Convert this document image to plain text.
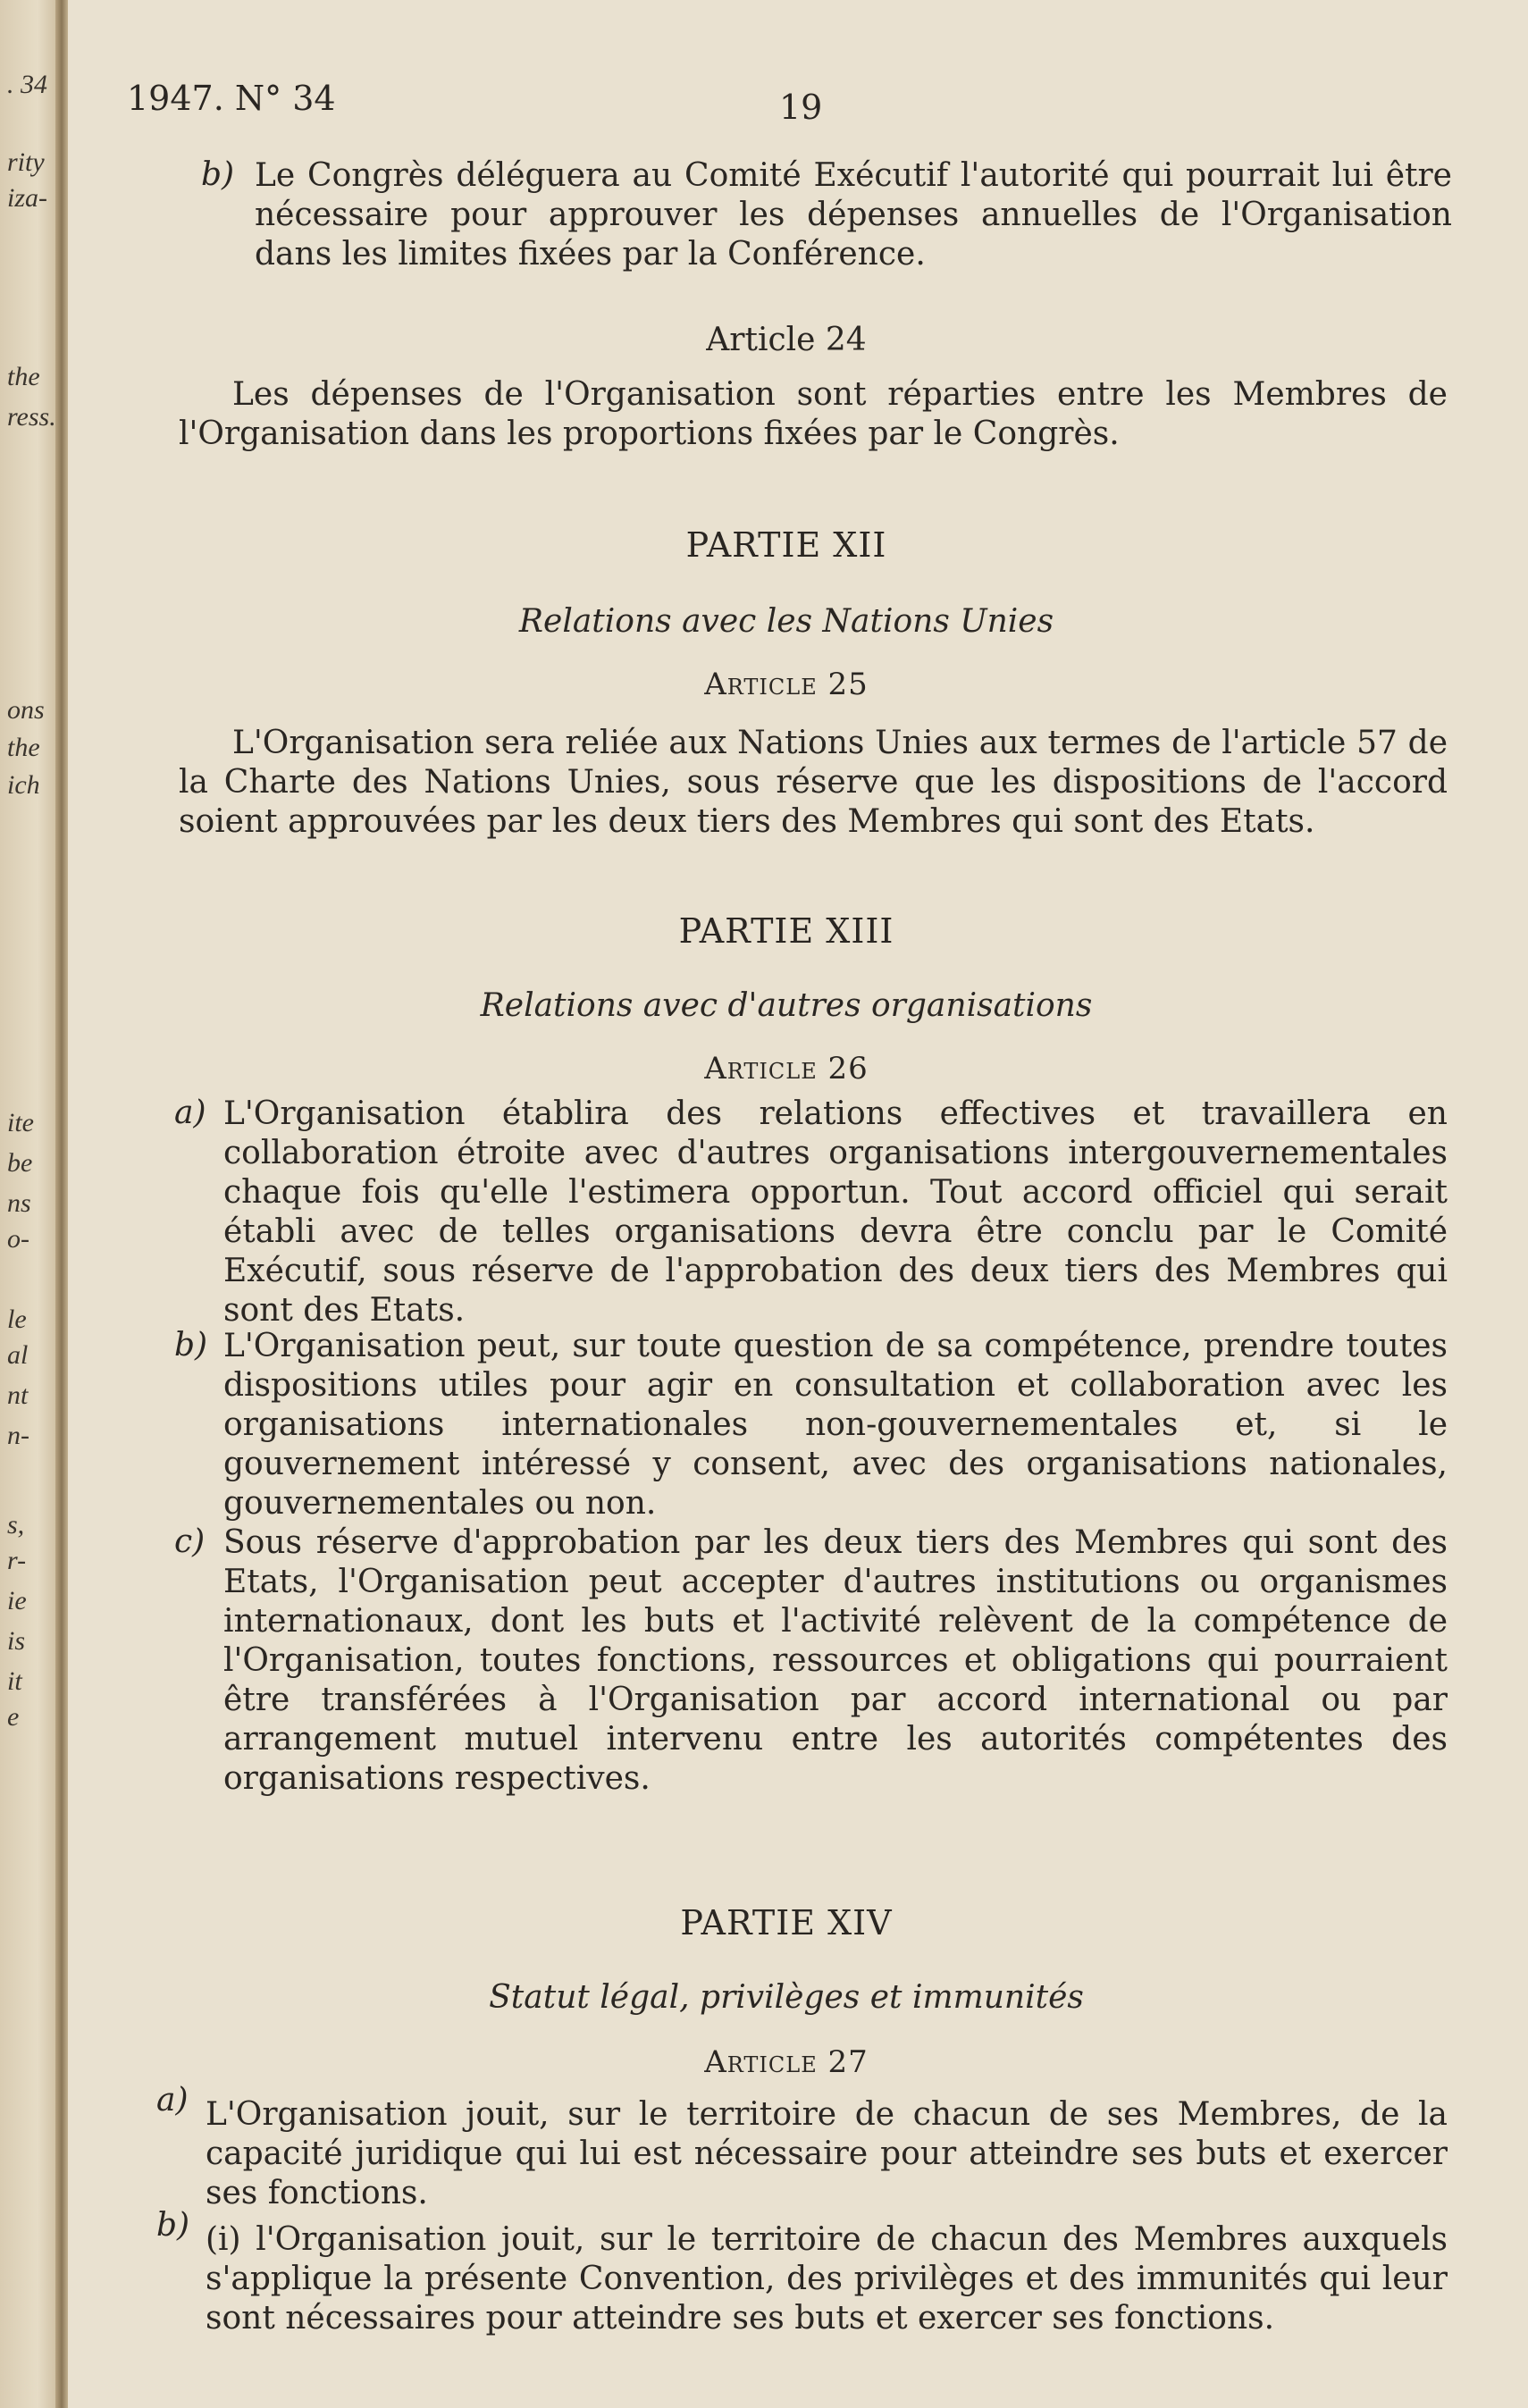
. 34
rity
iza-
the
ress.
ons
the
ich
ite
be
ns
o-
le
al
nt
n-
s,
r-
ie
is
it
e
1947. N° 34	19
b) Le Congrès déléguera au Comité Exécutif l'autorité qui pourrait lui être nécessaire pour approuver les dépenses annuelles de l'Organisation dans les limites fixées par la Conférence.
Article 24
Les dépenses de l'Organisation sont réparties entre les Membres de l'Organisation dans les proportions fixées par le Congrès.
PARTIE XII
Relations avec les Nations Unies
Article 25
L'Organisation sera reliée aux Nations Unies aux termes de l'article 57 de la Charte des Nations Unies, sous réserve que les dispositions de l'accord soient approuvées par les deux tiers des Membres qui sont des Etats.
PARTIE XIII
Relations avec d'autres organisations
Article 26
a) L'Organisation établira des relations effectives et travaillera en collaboration étroite avec d'autres organisations intergouvernementales chaque fois qu'elle l'estimera opportun. Tout accord officiel qui serait établi avec de telles organisations devra être conclu par le Comité Exécutif, sous réserve de l'approbation des deux tiers des Membres qui sont des Etats.
b) L'Organisation peut, sur toute question de sa compétence, prendre toutes dispositions utiles pour agir en consultation et collaboration avec les organisations internationales non-gouvernementales et, si le gouvernement intéressé y consent, avec des organisations nationales, gouvernementales ou non.
c) Sous réserve d'approbation par les deux tiers des Membres qui sont des Etats, l'Organisation peut accepter d'autres institutions ou organismes internationaux, dont les buts et l'activité relèvent de la compétence de l'Organisation, toutes fonctions, ressources et obligations qui pourraient être transférées à l'Organisation par accord international ou par arrangement mutuel intervenu entre les autorités compétentes des organisations respectives.
PARTIE XIV
Statut légal, privilèges et immunités
Article 27
a) L'Organisation jouit, sur le territoire de chacun de ses Membres, de la capacité juridique qui lui est nécessaire pour atteindre ses buts et exercer ses fonctions.
b) (i) l'Organisation jouit, sur le territoire de chacun des Membres auxquels s'applique la présente Convention, des privilèges et des immunités qui leur sont nécessaires pour atteindre ses buts et exercer ses fonctions.
